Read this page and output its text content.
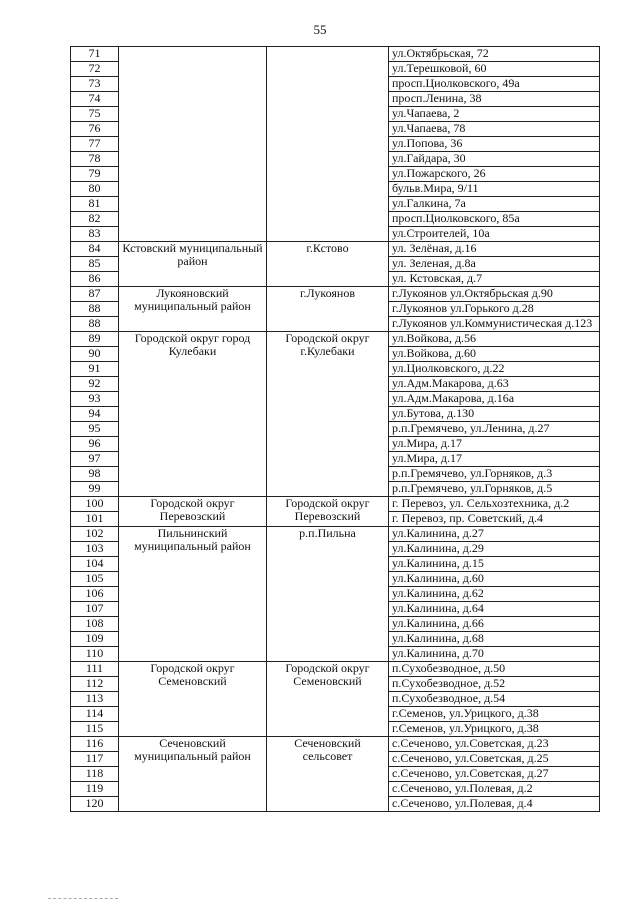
55
71			ул.Октябрьская, 72
72			ул.Терешковой, 60
73			просп.Циолковского, 49а
74			просп.Ленина, 38
75			ул.Чапаева, 2
76			ул.Чапаева, 78
77			ул.Попова, 36
78			ул.Гайдара, 30
79			ул.Пожарского, 26
80			бульв.Мира, 9/11
81			ул.Галкина, 7а
82			просп.Циолковского, 85а
83			ул.Строителей, 10а
84	Кстовский муниципальный район	г.Кстово	ул. Зелёная, д.16
85			ул. Зеленая, д.8а
86			ул. Кстовская, д.7
87	Лукояновский муниципальный район	г.Лукоянов	г.Лукоянов ул.Октябрьская д.90
88			г.Лукоянов ул.Горького д.28
88			г.Лукоянов ул.Коммунистическая д.123
89	Городской округ город Кулебаки	Городской округ г.Кулебаки	ул.Войкова, д.56
90			ул.Войкова, д.60
91			ул.Циолковского, д.22
92			ул.Адм.Макарова, д.63
93			ул.Адм.Макарова, д.16а
94			ул.Бутова, д.130
95			р.п.Гремячево, ул.Ленина, д.27
96			ул.Мира, д.17
97			ул.Мира, д.17
98			р.п.Гремячево, ул.Горняков, д.3
99			р.п.Гремячево, ул.Горняков, д.5
100	Городской округ Перевозский	Городской округ Перевозский	г. Перевоз, ул. Сельхозтехника, д.2
101			г. Перевоз, пр. Советский, д.4
102	Пильнинский муниципальный район	р.п.Пильна	ул.Калинина, д.27
103			ул.Калинина, д.29
104			ул.Калинина, д.15
105			ул.Калинина, д.60
106			ул.Калинина, д.62
107			ул.Калинина, д.64
108			ул.Калинина, д.66
109			ул.Калинина, д.68
110			ул.Калинина, д.70
111	Городской округ Семеновский	Городской округ Семеновский	п.Сухобезводное, д.50
112			п.Сухобезводное, д.52
113			п.Сухобезводное, д.54
114			г.Семенов, ул.Урицкого, д.38
115			г.Семенов, ул.Урицкого, д.38
116	Сеченовский муниципальный район	Сеченовский сельсовет	с.Сеченово, ул.Советская, д.23
117			с.Сеченово, ул.Советская, д.25
118			с.Сеченово, ул.Советская, д.27
119			с.Сеченово, ул.Полевая, д.2
120			с.Сеченово, ул.Полевая, д.4
